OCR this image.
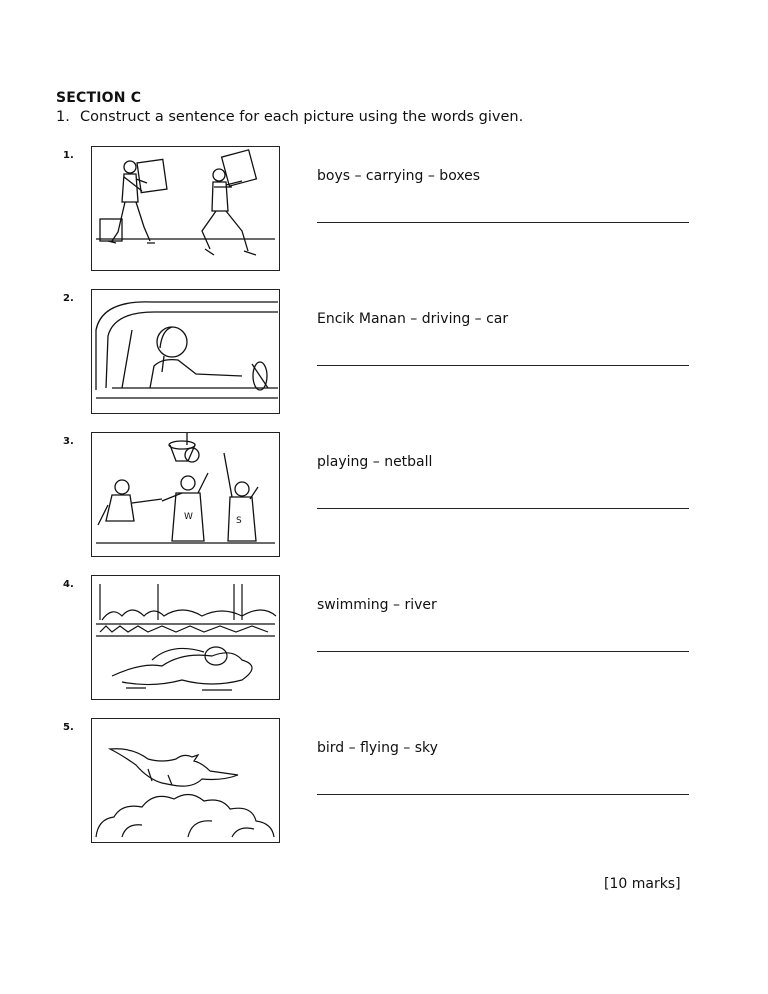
SECTION C
1. Construct a sentence for each picture using the words given.
1.
boys – carrying – boxes
2.
Encik Manan – driving – car
3.
W	S
playing – netball
4.
swimming – river
5.
bird – flying – sky
[10 marks]
